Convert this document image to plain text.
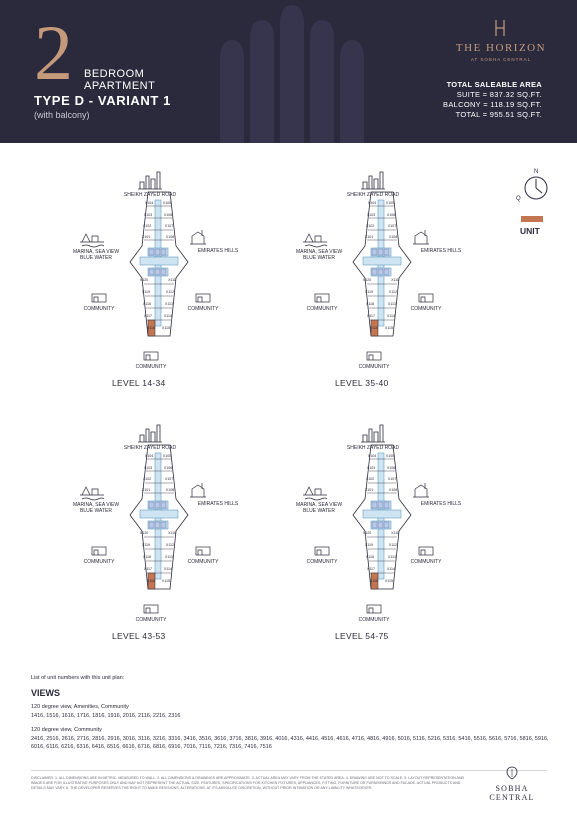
2 BEDROOM
APARTMENT
TYPE D - VARIANT 1
(with balcony)
THE HORIZON
AT SOBHA CENTRAL
TOTAL SALEABLE AREA
SUITE = 837.32 SQ.FT.
BALCONY = 118.19 SQ.FT.
TOTAL = 955.51 SQ.FT.
N
Q
UNIT
SHEIKH ZAYED ROAD
MARINA, SEA VIEW
BLUE WATER
EMIRATES HILLS
COMMUNITY	COMMUNITY
COMMUNITY
LEVEL 14-34
X104	X105
X103	X106
X102	X107
X101	X108
X120	X111
X119	X112
X118	X113
X117	X114
X116	X115
SHEIKH ZAYED ROAD
MARINA, SEA VIEW
BLUE WATER
EMIRATES HILLS
COMMUNITY	COMMUNITY
COMMUNITY
LEVEL 35-40
X104	X105
X103	X106
X102	X107
X101	X108
X120	X111
X119	X112
X118	X113
X117	X114
X116	X115
SHEIKH ZAYED ROAD
MARINA, SEA VIEW
BLUE WATER
EMIRATES HILLS
COMMUNITY	COMMUNITY
COMMUNITY
LEVEL 43-53
X104	X105
X103	X106
X102	X107
X101	X108
X120	X111
X119	X112
X118	X113
X117	X114
X116	X115
SHEIKH ZAYED ROAD
MARINA, SEA VIEW
BLUE WATER
EMIRATES HILLS
COMMUNITY	COMMUNITY
COMMUNITY
LEVEL 54-75
X104	X105
X103	X106
X102	X107
X101	X108
X120	X111
X119	X112
X118	X113
X117	X114
X116	X115
List of unit numbers with this unit plan:
VIEWS
120 degree view, Amenities, Community
1416, 1516, 1616, 1716, 1816, 1916, 2016, 2116, 2216, 2316
120 degree view, Community
2416, 2516, 2616, 2716, 2816, 2916, 3016, 3116, 3216, 3316, 3416, 3516, 3616, 3716, 3816, 3916, 4016, 4316, 4416, 4516, 4616, 4716, 4816, 4916, 5016, 5116, 5216, 5316, 5416, 5516, 5616, 5716, 5816, 5916, 6016, 6116, 6216, 6316, 6416, 6516, 6616, 6716, 6816, 6916, 7016, 7116, 7216, 7316, 7416, 7516
DISCLAIMER: 1. ALL DIMENSIONS ARE IN METRIC, MEASURED TO WALL. 2. ALL DIMENSIONS & DRAWINGS ARE APPROXIMATE. 3. ACTUAL AREA MAY VARY FROM THE STATED AREA. 4. DRAWING ARE NOT TO SCALE. 5. LAYOUT REPRESENTATION AND IMAGES ARE FOR ILLUSTRATIVE PURPOSES ONLY AND MAY NOT REPRESENT THE ACTUAL SIZE, FEATURES, SPECIFICATIONS FOR KITCHEN FIXTURES, APPLIANCES, FITTING, FURNITURE OR FURNISHINGS AND FACADE. ACTUAL PRODUCTS AND DETAILS MAY VARY. 6. THE DEVELOPER RESERVES THE RIGHT TO MAKE REVISIONS, ALTERATIONS, AT ITS ABSOLUTE DISCRETION, WITHOUT PRIOR INTIMATION OR ANY LIABILITY WHATSOEVER.	SOBHA CENTRAL
